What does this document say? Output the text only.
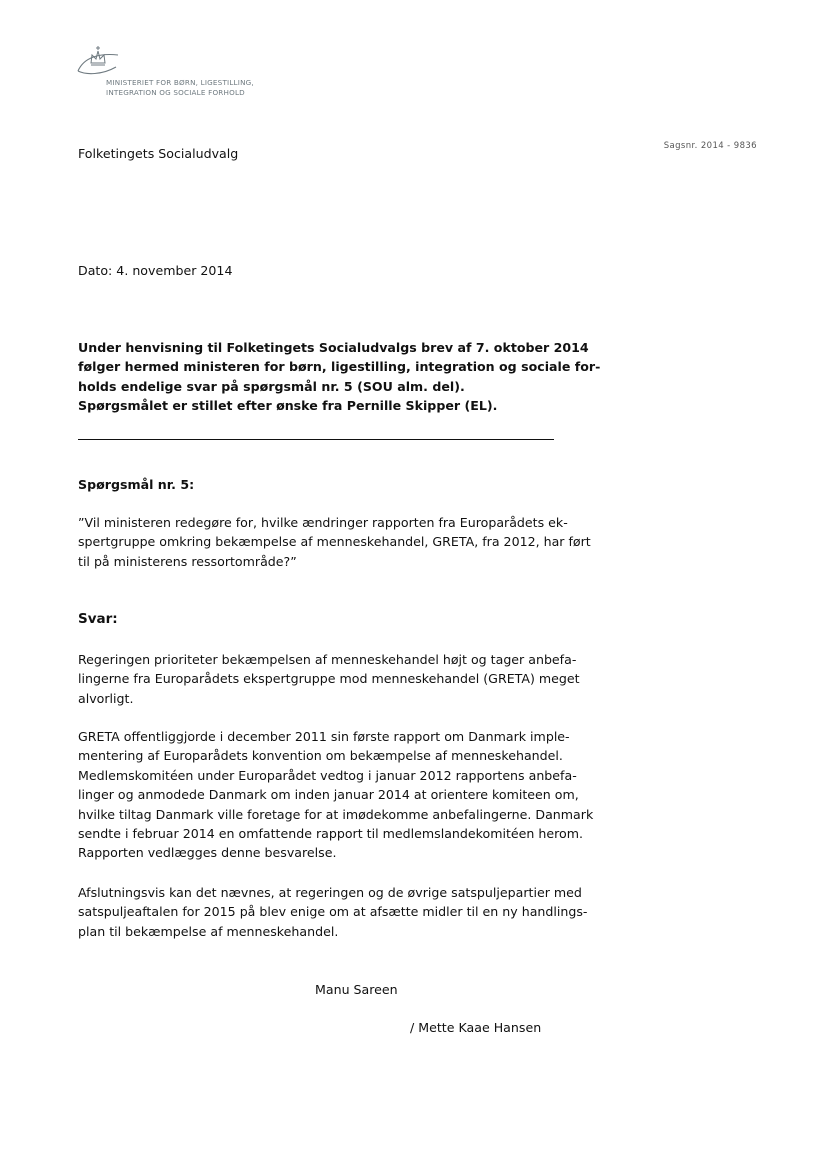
MINISTERIET FOR BØRN, LIGESTILLING,
INTEGRATION OG SOCIALE FORHOLD
Sagsnr. 2014 - 9836
Folketingets Socialudvalg
Dato: 4. november 2014
Under henvisning til Folketingets Socialudvalgs brev af 7. oktober 2014
følger hermed ministeren for børn, ligestilling, integration og sociale for-
holds endelige svar på spørgsmål nr. 5 (SOU alm. del).
Spørgsmålet er stillet efter ønske fra Pernille Skipper (EL).
Spørgsmål nr. 5:
”Vil ministeren redegøre for, hvilke ændringer rapporten fra Europarådets ek-
spertgruppe omkring bekæmpelse af menneskehandel, GRETA, fra 2012, har ført
til på ministerens ressortområde?”
Svar:
Regeringen prioriteter bekæmpelsen af menneskehandel højt og tager anbefa-
lingerne fra Europarådets ekspertgruppe mod menneskehandel (GRETA) meget
alvorligt.
GRETA offentliggjorde i december 2011 sin første rapport om Danmark imple-
mentering af Europarådets konvention om bekæmpelse af menneskehandel.
Medlemskomitéen under Europarådet vedtog i januar 2012 rapportens anbefa-
linger og anmodede Danmark om inden januar 2014 at orientere komiteen om,
hvilke tiltag Danmark ville foretage for at imødekomme anbefalingerne. Danmark
sendte i februar 2014 en omfattende rapport til medlemslandekomitéen herom.
Rapporten vedlægges denne besvarelse.
Afslutningsvis kan det nævnes, at regeringen og de øvrige satspuljepartier med
satspuljeaftalen for 2015 på blev enige om at afsætte midler til en ny handlings-
plan til bekæmpelse af menneskehandel.
Manu Sareen
/ Mette Kaae Hansen
